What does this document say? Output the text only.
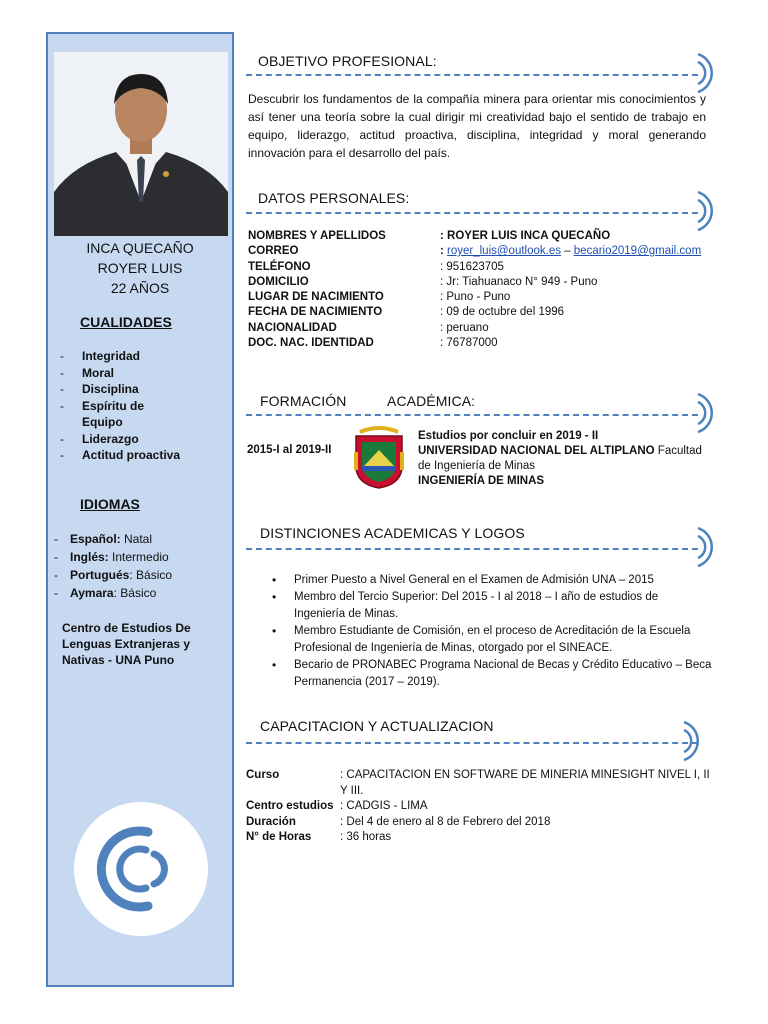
INCA QUECAÑO
ROYER LUIS
22 AÑOS
CUALIDADES
- Integridad
- Moral
- Disciplina
- Espíritu de Equipo
- Liderazgo
- Actitud proactiva
IDIOMAS
- Español: Natal
- Inglés: Intermedio
- Portugués: Básico
- Aymara: Básico
Centro de Estudios De Lenguas Extranjeras y Nativas - UNA Puno
OBJETIVO PROFESIONAL:
Descubrir los fundamentos de la compañía minera para orientar mis conocimientos y así tener una teoría sobre la cual dirigir mi creatividad bajo el sentido de trabajo en equipo, liderazgo, actitud proactiva, disciplina, integridad y moral generando innovación para el desarrollo del país.
DATOS PERSONALES:
NOMBRES Y APELLIDOS	: ROYER LUIS INCA QUECAÑO
CORREO	: royer_luis@outlook.es – becario2019@gmail.com
TELÉFONO	: 951623705
DOMICILIO	: Jr: Tiahuanaco N° 949 - Puno
LUGAR DE NACIMIENTO	: Puno - Puno
FECHA DE NACIMIENTO	: 09 de octubre del 1996
NACIONALIDAD	: peruano
DOC. NAC. IDENTIDAD	: 76787000
FORMACIÓN	ACADÉMICA:
2015-I al 2019-II
Estudios por concluir en 2019 - II
UNIVERSIDAD NACIONAL DEL ALTIPLANO Facultad
de Ingeniería de Minas
INGENIERÍA DE MINAS
DISTINCIONES ACADEMICAS Y LOGOS
• Primer Puesto a Nivel General en el Examen de Admisión UNA – 2015
• Membro del Tercio Superior: Del 2015 - I al 2018 – I año de estudios de Ingeniería de Minas.
• Membro Estudiante de Comisión, en el proceso de Acreditación de la Escuela Profesional de Ingeniería de Minas, otorgado por el SINEACE.
• Becario de PRONABEC Programa Nacional de Becas y Crédito Educativo – Beca Permanencia (2017 – 2019).
CAPACITACION Y ACTUALIZACION
Curso	: CAPACITACION EN SOFTWARE DE MINERIA MINESIGHT NIVEL I, II Y III.
Centro estudios : CADGIS - LIMA
Duración	: Del 4 de enero al 8 de Febrero del 2018
N° de Horas	: 36 horas
